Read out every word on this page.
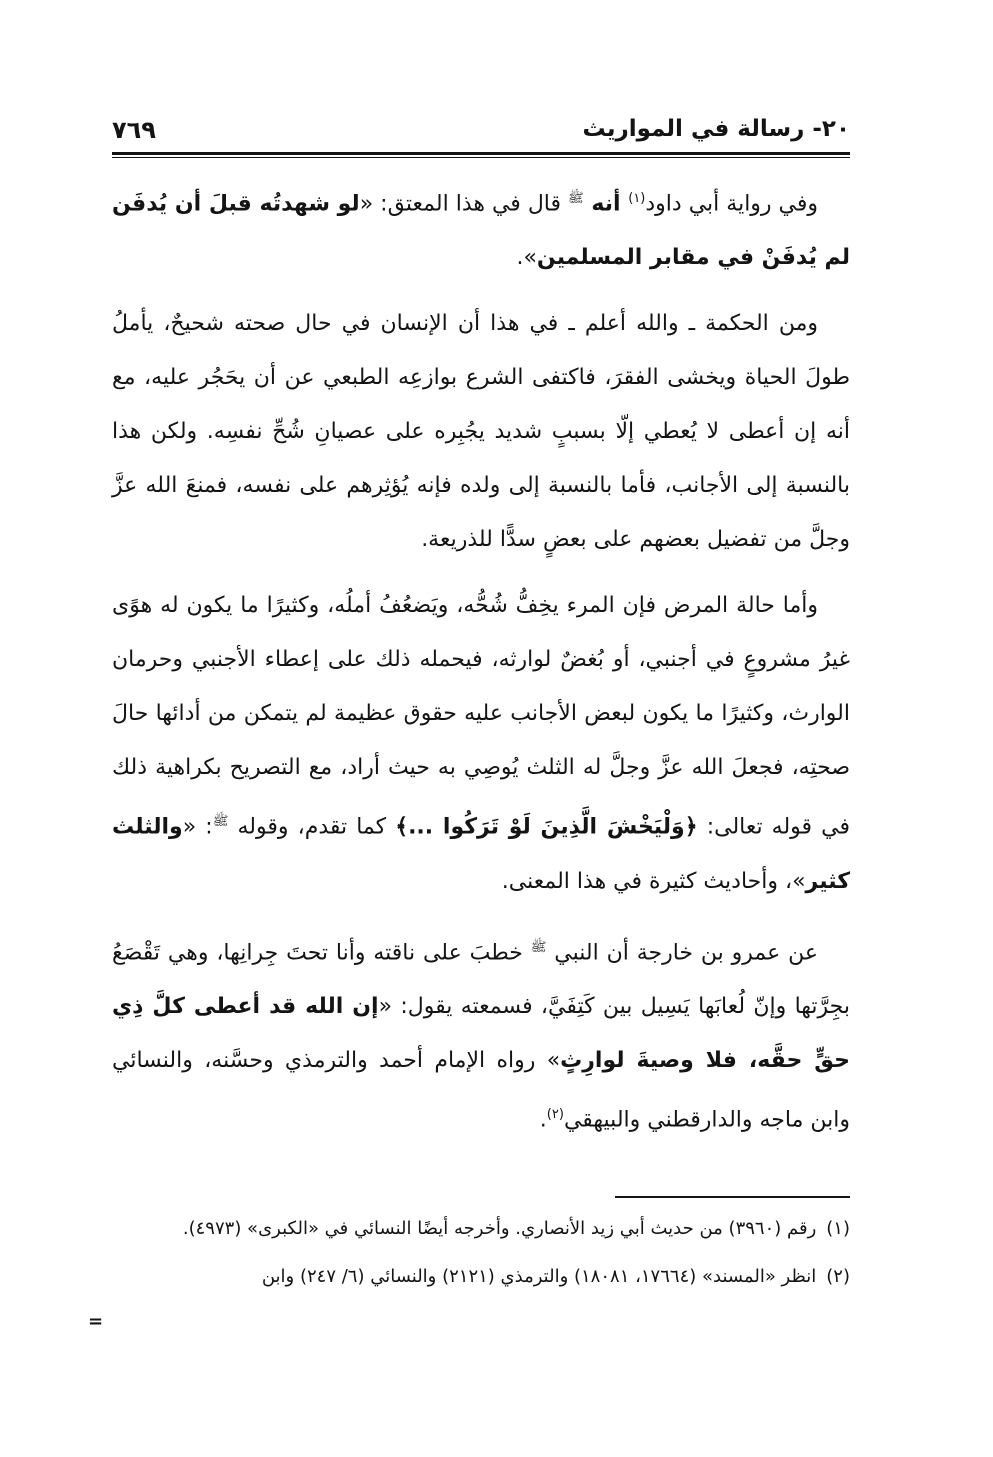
٢٠- رسالة في المواريث
٧٦٩

وفي رواية أبي داود$^{(١)}$ أنه $^ﷺ$ قال في هذا المعتق: «لو شهدتُه قبلَ أن يُدفَن لم يُدفَنْ في مقابر المسلمين».

ومن الحكمة ـ والله أعلم ـ في هذا أن الإنسان في حال صحته شحيحٌ، يأملُ طولَ الحياة ويخشى الفقرَ، فاكتفى الشرع بوازعِه الطبعي عن أن يحَجُر عليه، مع أنه إن أعطى لا يُعطي إلّا بسببٍ شديد يجُبِره على عصيانِ شُحِّ نفسِه. ولكن هذا بالنسبة إلى الأجانب، فأما بالنسبة إلى ولده فإنه يُؤثِرهم على نفسه، فمنعَ الله عزَّ وجلَّ من تفضيل بعضهم على بعضٍ سدًّا للذريعة.

وأما حالة المرض فإن المرء يخِفُّ شُحُّه، ويَضعُفُ أملُه، وكثيرًا ما يكون له هوًى غيرُ مشروعٍ في أجنبي، أو بُغضٌ لوارثه، فيحمله ذلك على إعطاء الأجنبي وحرمان الوارث، وكثيرًا ما يكون لبعض الأجانب عليه حقوق عظيمة لم يتمكن من أدائها حالَ صحتِه، فجعلَ الله عزَّ وجلَّ له الثلث يُوصِي به حيث أراد، مع التصريح بكراهية ذلك في قوله تعالى: ﴿وَلْيَخْشَ الَّذِينَ لَوْ تَرَكُوا ...﴾ كما تقدم، وقوله $^ﷺ$: «والثلث كثير»، وأحاديث كثيرة في هذا المعنى.

عن عمرو بن خارجة أن النبي $^ﷺ$ خطبَ على ناقته وأنا تحتَ جِرانِها، وهي تَقْصَعُ بجِرَّتها وإنّ لُعابَها يَسِيل بين كَتِفَيَّ، فسمعته يقول: «إن الله قد أعطى كلَّ ذِي حقٍّ حقَّه، فلا وصيةَ لوارِثٍ» رواه الإمام أحمد والترمذي وحسَّنه، والنسائي وابن ماجه والدارقطني والبيهقي$^{(٢)}$.

(١)رقم (٣٩٦٠) من حديث أبي زيد الأنصاري. وأخرجه أيضًا النسائي في «الكبرى» (٤٩٧٣).

(٢)انظر «المسند» (١٧٦٦٤، ١٨٠٨١) والترمذي (٢١٢١) والنسائي (٦/ ٢٤٧) وابن

=
